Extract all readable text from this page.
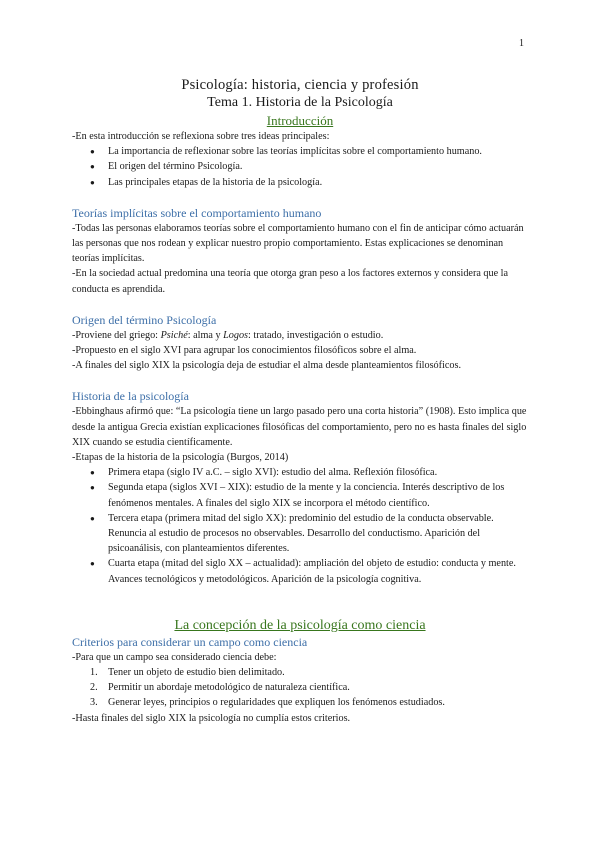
1
Psicología: historia, ciencia y profesión
Tema 1. Historia de la Psicología
Introducción

-En esta introducción se reflexiona sobre tres ideas principales:

● La importancia de reflexionar sobre las teorías implícitas sobre el comportamiento humano.
● El origen del término Psicología.
● Las principales etapas de la historia de la psicología.
Teorías implícitas sobre el comportamiento humano

-Todas las personas elaboramos teorías sobre el comportamiento humano con el fin de anticipar cómo actuarán las personas que nos rodean y explicar nuestro propio comportamiento. Estas explicaciones se denominan teorías implícitas.

-En la sociedad actual predomina una teoría que otorga gran peso a los factores externos y considera que la conducta es aprendida.

Origen del término Psicología

-Proviene del griego: Psiché: alma y Logos: tratado, investigación o estudio.

-Propuesto en el siglo XVI para agrupar los conocimientos filosóficos sobre el alma.

-A finales del siglo XIX la psicología deja de estudiar el alma desde planteamientos filosóficos.

Historia de la psicología

-Ebbinghaus afirmó que: “La psicología tiene un largo pasado pero una corta historia” (1908). Esto implica que desde la antigua Grecia existían explicaciones filosóficas del comportamiento, pero no es hasta finales del siglo XIX cuando se estudia científicamente.

-Etapas de la historia de la psicología (Burgos, 2014)

● Primera etapa (siglo IV a.C. – siglo XVI): estudio del alma. Reflexión filosófica.
● Segunda etapa (siglos XVI – XIX): estudio de la mente y la conciencia. Interés descriptivo de los fenómenos mentales. A finales del siglo XIX se incorpora el método científico.
● Tercera etapa (primera mitad del siglo XX): predominio del estudio de la conducta observable. Renuncia al estudio de procesos no observables. Desarrollo del conductismo. Aparición del psicoanálisis, con planteamientos diferentes.
● Cuarta etapa (mitad del siglo XX – actualidad): ampliación del objeto de estudio: conducta y mente. Avances tecnológicos y metodológicos. Aparición de la psicología cognitiva.
La concepción de la psicología como ciencia
Criterios para considerar un campo como ciencia

-Para que un campo sea considerado ciencia debe:

1. Tener un objeto de estudio bien delimitado.
2. Permitir un abordaje metodológico de naturaleza científica.
3. Generar leyes, principios o regularidades que expliquen los fenómenos estudiados.

-Hasta finales del siglo XIX la psicología no cumplía estos criterios.
